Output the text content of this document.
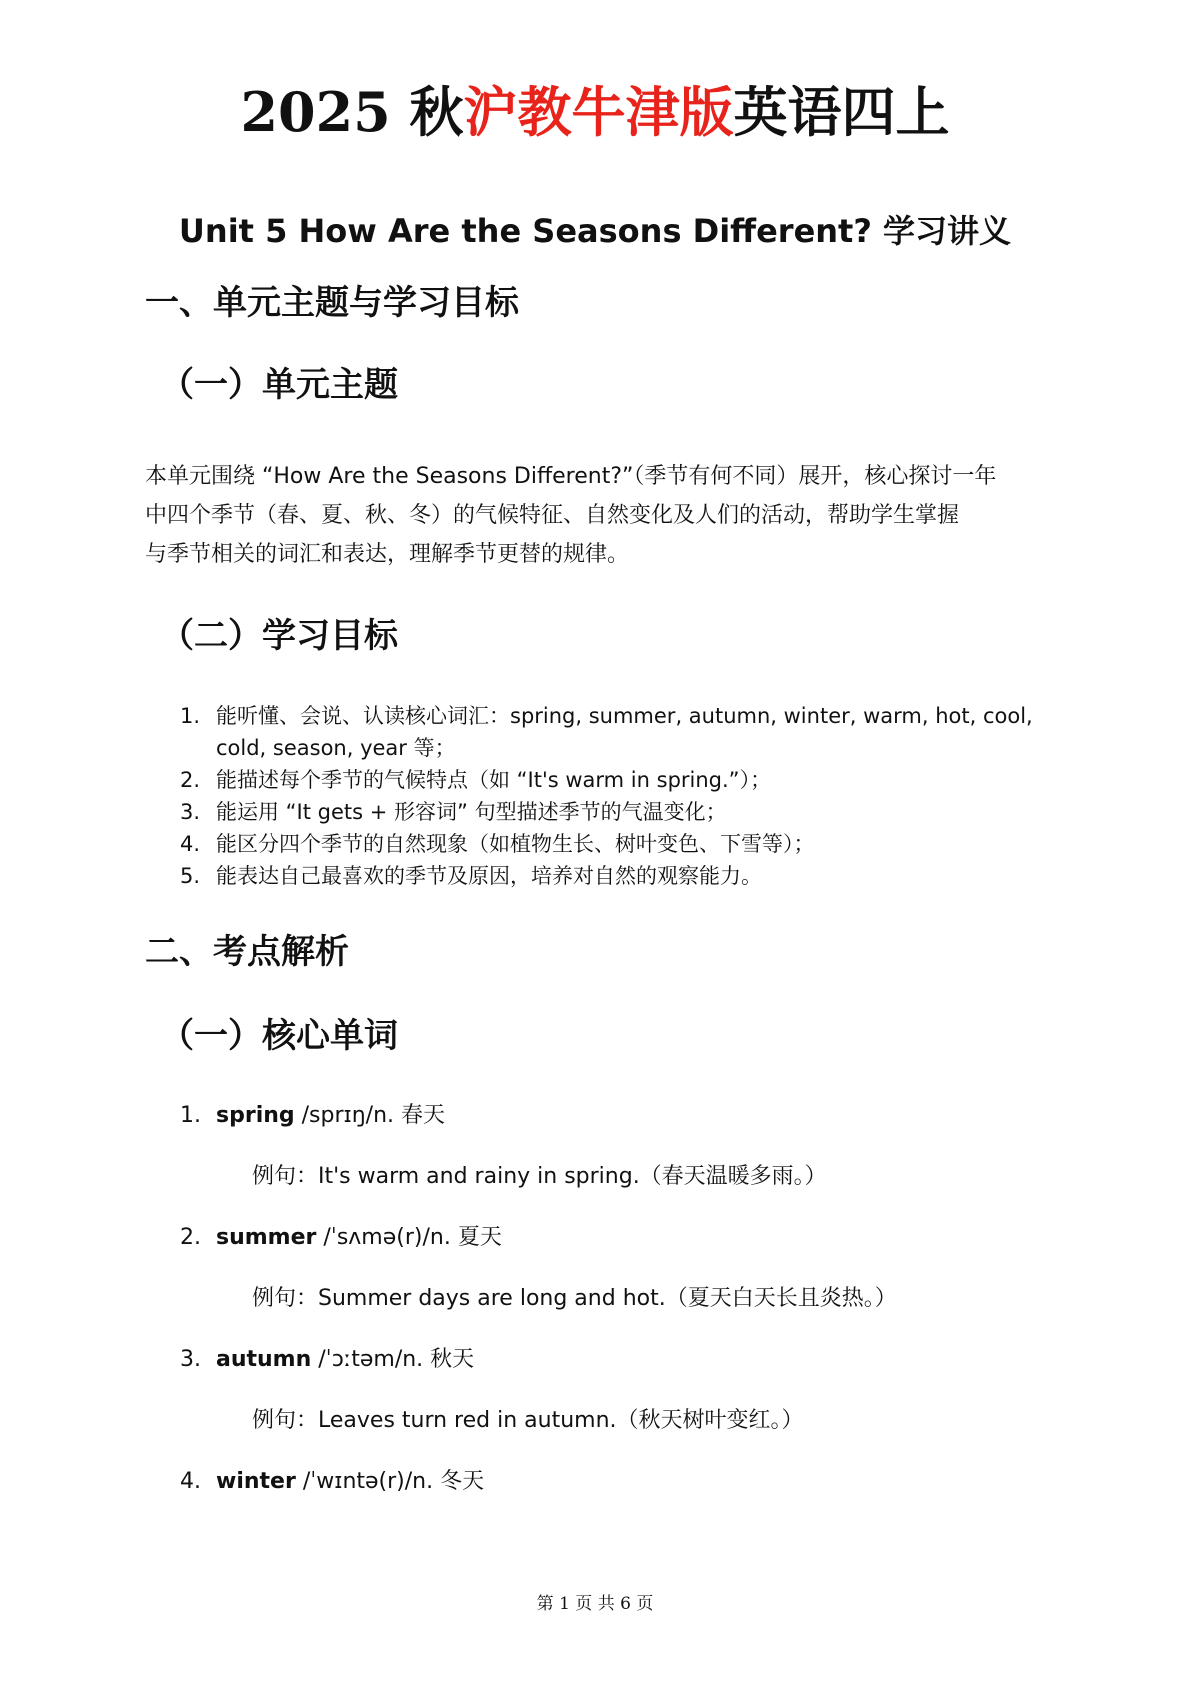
2025 秋沪教牛津版英语四上
Unit 5 How Are the Seasons Different? 学习讲义
一、单元主题与学习目标
（一）单元主题
本单元围绕 “How Are the Seasons Different?”（季节有何不同）展开，核心探讨一年
中四个季节（春、夏、秋、冬）的气候特征、自然变化及人们的活动，帮助学生掌握
与季节相关的词汇和表达，理解季节更替的规律。
（二）学习目标
1. 能听懂、会说、认读核心词汇：spring, summer, autumn, winter, warm, hot, cool, cold, season, year 等；
2. 能描述每个季节的气候特点（如 “It's warm in spring.”）；
3. 能运用 “It gets + 形容词” 句型描述季节的气温变化；
4. 能区分四个季节的自然现象（如植物生长、树叶变色、下雪等）；
5. 能表达自己最喜欢的季节及原因，培养对自然的观察能力。
二、考点解析
（一）核心单词
1. spring /sprɪŋ/n. 春天
例句：It's warm and rainy in spring.（春天温暖多雨。）
2. summer /ˈsʌmə(r)/n. 夏天
例句：Summer days are long and hot.（夏天白天长且炎热。）
3. autumn /ˈɔːtəm/n. 秋天
例句：Leaves turn red in autumn.（秋天树叶变红。）
4. winter /ˈwɪntə(r)/n. 冬天
第 1 页 共 6 页
